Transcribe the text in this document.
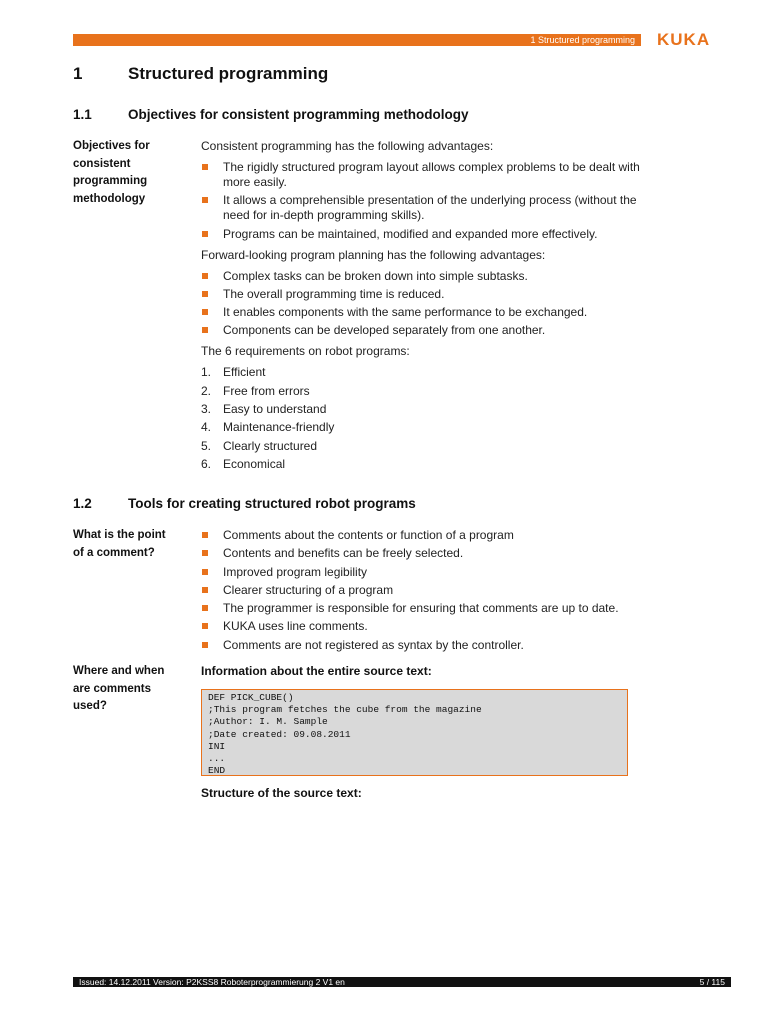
1 Structured programming KUKA
1	Structured programming
1.1	Objectives for consistent programming methodology
Objectives for
consistent
programming
methodology

Consistent programming has the following advantages:

The rigidly structured program layout allows complex problems to be dealt with more easily.
It allows a comprehensible presentation of the underlying process (without the need for in-depth programming skills).
Programs can be maintained, modified and expanded more effectively.

Forward-looking program planning has the following advantages:

Complex tasks can be broken down into simple subtasks.
The overall programming time is reduced.
It enables components with the same performance to be exchanged.
Components can be developed separately from one another.

The 6 requirements on robot programs:

1. Efficient
2. Free from errors
3. Easy to understand
4. Maintenance-friendly
5. Clearly structured
6. Economical
1.2	Tools for creating structured robot programs
What is the point
of a comment?
Comments about the contents or function of a program
Contents and benefits can be freely selected.
Improved program legibility
Clearer structuring of a program
The programmer is responsible for ensuring that comments are up to date.
KUKA uses line comments.
Comments are not registered as syntax by the controller.
Where and when
are comments
used?
Information about the entire source text:
DEF PICK_CUBE()
;This program fetches the cube from the magazine
;Author: I. M. Sample
;Date created: 09.08.2011
INI
...
END
Structure of the source text:
Issued: 14.12.2011 Version: P2KSS8 Roboterprogrammierung 2 V1 en	5 / 115
